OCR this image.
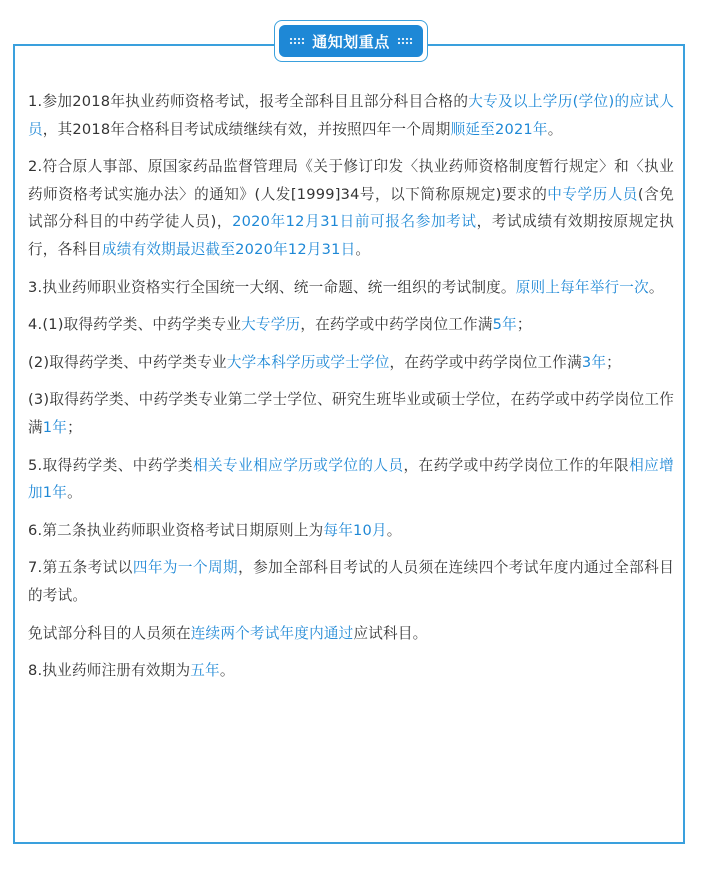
通知划重点

1.参加2018年执业药师资格考试，报考全部科目且部分科目合格的大专及以上学历(学位)的应试人员，其2018年合格科目考试成绩继续有效，并按照四年一个周期顺延至2021年。

2.符合原人事部、原国家药品监督管理局《关于修订印发〈执业药师资格制度暂行规定〉和〈执业药师资格考试实施办法〉的通知》(人发[1999]34号，以下简称原规定)要求的中专学历人员(含免试部分科目的中药学徒人员)，2020年12月31日前可报名参加考试，考试成绩有效期按原规定执行，各科目成绩有效期最迟截至2020年12月31日。

3.执业药师职业资格实行全国统一大纲、统一命题、统一组织的考试制度。原则上每年举行一次。

4.(1)取得药学类、中药学类专业大专学历，在药学或中药学岗位工作满5年；

(2)取得药学类、中药学类专业大学本科学历或学士学位，在药学或中药学岗位工作满3年；

(3)取得药学类、中药学类专业第二学士学位、研究生班毕业或硕士学位，在药学或中药学岗位工作满1年；

5.取得药学类、中药学类相关专业相应学历或学位的人员，在药学或中药学岗位工作的年限相应增加1年。

6.第二条执业药师职业资格考试日期原则上为每年10月。

7.第五条考试以四年为一个周期，参加全部科目考试的人员须在连续四个考试年度内通过全部科目的考试。

免试部分科目的人员须在连续两个考试年度内通过应试科目。

8.执业药师注册有效期为五年。
